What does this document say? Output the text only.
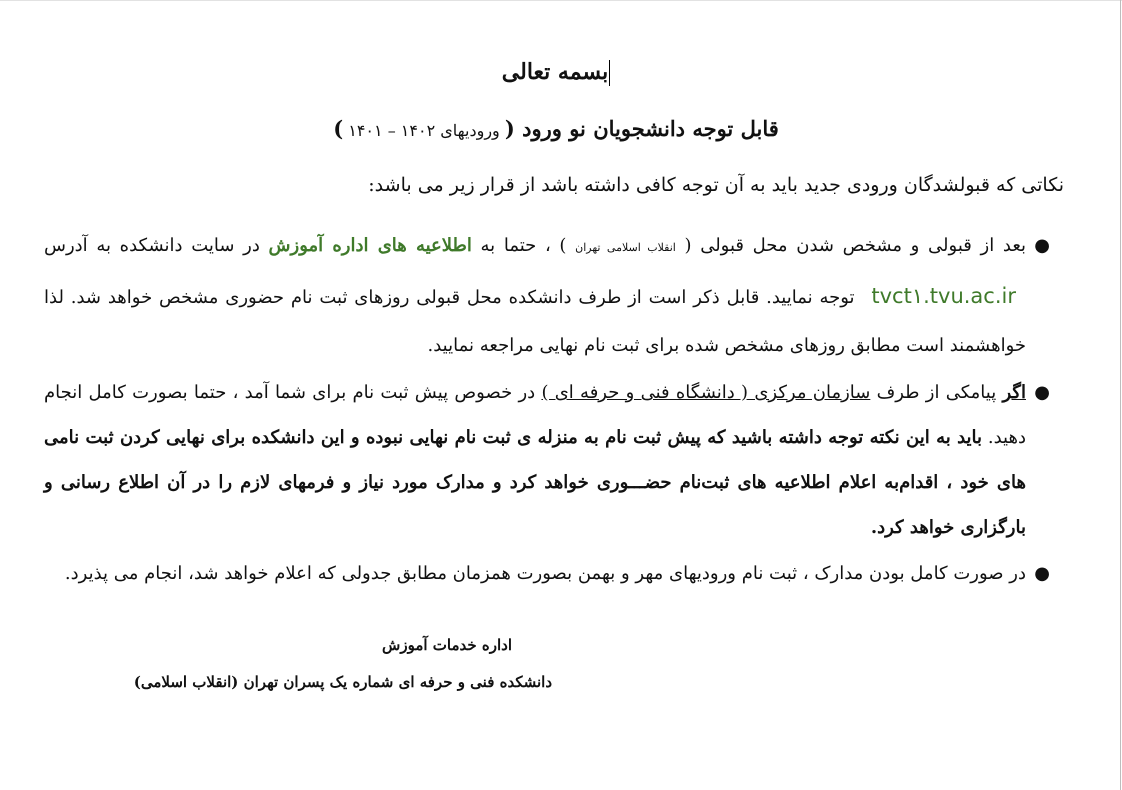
بسمه تعالی
قابل توجه دانشجویان نو ورود ( ورودیهای ۱۴۰۲ – ۱۴۰۱ )
نکاتی که قبولشدگان ورودی جدید باید به آن توجه کافی داشته باشد از قرار زیر می باشد:
●
بعد از قبولی و مشخص شدن محل قبولی ( انقلاب اسلامی تهران ) ، حتما به اطلاعیه های اداره آموزش در سایت دانشکده به آدرس tvct۱.tvu.ac.ir توجه نمایید. قابل ذکر است از طرف دانشکده محل قبولی روزهای ثبت نام حضوری مشخص خواهد شد. لذا خواهشمند است مطابق روزهای مشخص شده برای ثبت نام نهایی مراجعه نمایید.
●
اگر پیامکی از طرف سازمان مرکزی ( دانشگاه فنی و حرفه ای ) در خصوص پیش ثبت نام برای شما آمد ، حتما بصورت کامل انجام دهید. باید به این نکته توجه داشته باشید که پیش ثبت نام به منزله ی ثبت نام نهایی نبوده و این دانشکده برای نهایی کردن ثبت نامی های خود ، اقدام‌به اعلام اطلاعیه های ثبت‌نام حضـــوری خواهد کرد و مدارک مورد نیاز و فرمهای لازم را در آن اطلاع رسانی و بارگزاری خواهد کرد.
●
در صورت کامل بودن مدارک ، ثبت نام ورودیهای مهر و بهمن بصورت همزمان مطابق جدولی که اعلام خواهد شد، انجام می پذیرد.
اداره خدمات آموزش
دانشکده فنی و حرفه ای شماره یک پسران تهران (انقلاب اسلامی)
